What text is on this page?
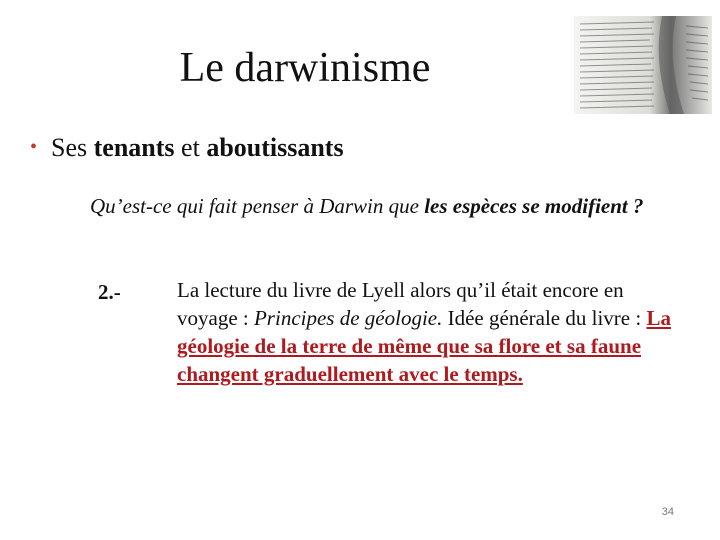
Le darwinisme
• Ses tenants et aboutissants
Qu’est-ce qui fait penser à Darwin que les espèces se modifient ?
2.-	La lecture du livre de Lyell alors qu’il était encore en voyage : Principes de géologie. Idée générale du livre : La géologie de la terre de même que sa flore et sa faune changent graduellement avec le temps.
34
